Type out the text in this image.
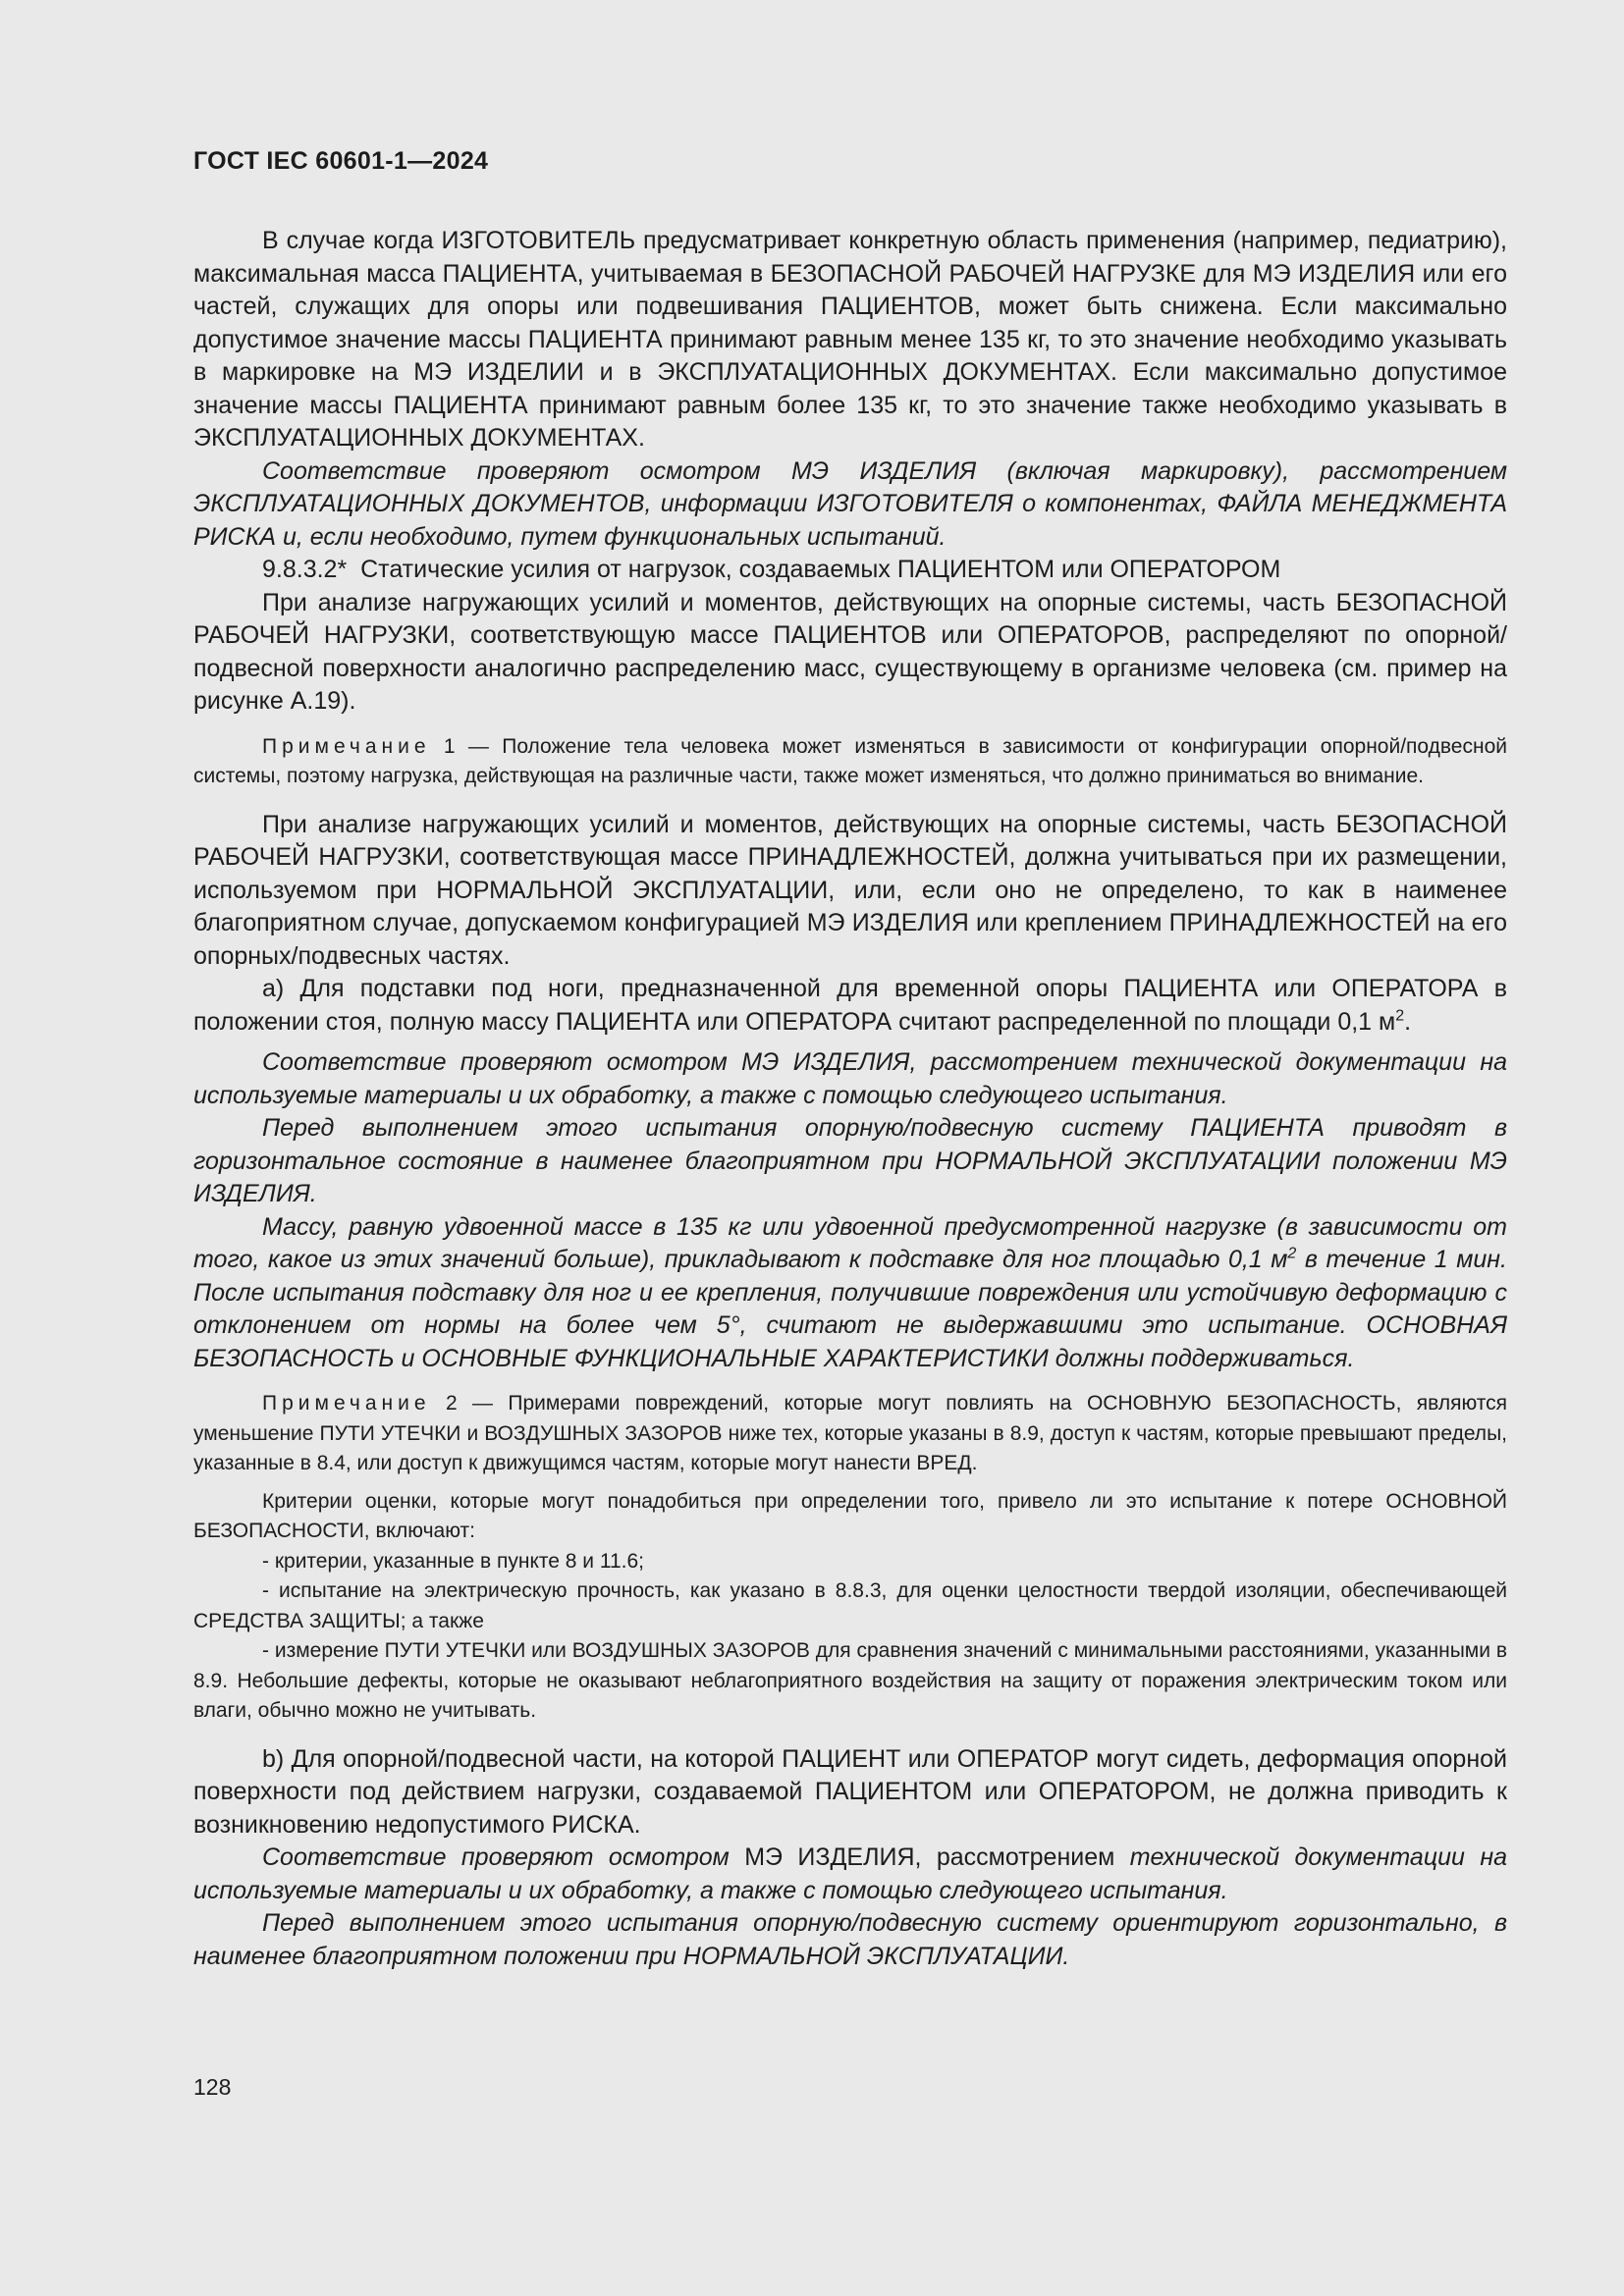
ГОСТ IEC 60601-1—2024

В случае когда ИЗГОТОВИТЕЛЬ предусматривает конкретную область применения (например, педиатрию), максимальная масса ПАЦИЕНТА, учитываемая в БЕЗОПАСНОЙ РАБОЧЕЙ НАГРУЗКЕ для МЭ ИЗДЕЛИЯ или его частей, служащих для опоры или подвешивания ПАЦИЕНТОВ, может быть снижена. Если максимально допустимое значение массы ПАЦИЕНТА принимают равным менее 135 кг, то это значение необходимо указывать в маркировке на МЭ ИЗДЕЛИИ и в ЭКСПЛУАТАЦИОННЫХ ДОКУМЕНТАХ. Если максимально допустимое значение массы ПАЦИЕНТА принимают равным более 135 кг, то это значение также необходимо указывать в ЭКСПЛУАТАЦИОННЫХ ДОКУМЕНТАХ.

Соответствие проверяют осмотром МЭ ИЗДЕЛИЯ (включая маркировку), рассмотрением ЭКСПЛУАТАЦИОННЫХ ДОКУМЕНТОВ, информации ИЗГОТОВИТЕЛЯ о компонентах, ФАЙЛА МЕНЕДЖМЕНТА РИСКА и, если необходимо, путем функциональных испытаний.

9.8.3.2* Статические усилия от нагрузок, создаваемых ПАЦИЕНТОМ или ОПЕРАТОРОМ

При анализе нагружающих усилий и моментов, действующих на опорные системы, часть БЕЗОПАСНОЙ РАБОЧЕЙ НАГРУЗКИ, соответствующую массе ПАЦИЕНТОВ или ОПЕРАТОРОВ, распределяют по опорной/подвесной поверхности аналогично распределению масс, существующему в организме человека (см. пример на рисунке А.19).

Примечание 1 — Положение тела человека может изменяться в зависимости от конфигурации опорной/подвесной системы, поэтому нагрузка, действующая на различные части, также может изменяться, что должно приниматься во внимание.

При анализе нагружающих усилий и моментов, действующих на опорные системы, часть БЕЗОПАСНОЙ РАБОЧЕЙ НАГРУЗКИ, соответствующая массе ПРИНАДЛЕЖНОСТЕЙ, должна учитываться при их размещении, используемом при НОРМАЛЬНОЙ ЭКСПЛУАТАЦИИ, или, если оно не определено, то как в наименее благоприятном случае, допускаемом конфигурацией МЭ ИЗДЕЛИЯ или креплением ПРИНАДЛЕЖНОСТЕЙ на его опорных/подвесных частях.

a) Для подставки под ноги, предназначенной для временной опоры ПАЦИЕНТА или ОПЕРАТОРА в положении стоя, полную массу ПАЦИЕНТА или ОПЕРАТОРА считают распределенной по площади 0,1 $м^2$.

Соответствие проверяют осмотром МЭ ИЗДЕЛИЯ, рассмотрением технической документации на используемые материалы и их обработку, а также с помощью следующего испытания.

Перед выполнением этого испытания опорную/подвесную систему ПАЦИЕНТА приводят в горизонтальное состояние в наименее благоприятном при НОРМАЛЬНОЙ ЭКСПЛУАТАЦИИ положении МЭ ИЗДЕЛИЯ.

Массу, равную удвоенной массе в 135 кг или удвоенной предусмотренной нагрузке (в зависимости от того, какое из этих значений больше), прикладывают к подставке для ног площадью 0,1 $м^2$ в течение 1 мин. После испытания подставку для ног и ее крепления, получившие повреждения или устойчивую деформацию с отклонением от нормы на более чем 5°, считают не выдержавшими это испытание. ОСНОВНАЯ БЕЗОПАСНОСТЬ и ОСНОВНЫЕ ФУНКЦИОНАЛЬНЫЕ ХАРАКТЕРИСТИКИ должны поддерживаться.

Примечание 2 — Примерами повреждений, которые могут повлиять на ОСНОВНУЮ БЕЗОПАСНОСТЬ, являются уменьшение ПУТИ УТЕЧКИ и ВОЗДУШНЫХ ЗАЗОРОВ ниже тех, которые указаны в 8.9, доступ к частям, которые превышают пределы, указанные в 8.4, или доступ к движущимся частям, которые могут нанести ВРЕД.

Критерии оценки, которые могут понадобиться при определении того, привело ли это испытание к потере ОСНОВНОЙ БЕЗОПАСНОСТИ, включают:

- критерии, указанные в пункте 8 и 11.6;

- испытание на электрическую прочность, как указано в 8.8.3, для оценки целостности твердой изоляции, обеспечивающей СРЕДСТВА ЗАЩИТЫ; а также

- измерение ПУТИ УТЕЧКИ или ВОЗДУШНЫХ ЗАЗОРОВ для сравнения значений с минимальными расстояниями, указанными в 8.9. Небольшие дефекты, которые не оказывают неблагоприятного воздействия на защиту от поражения электрическим током или влаги, обычно можно не учитывать.

b) Для опорной/подвесной части, на которой ПАЦИЕНТ или ОПЕРАТОР могут сидеть, деформация опорной поверхности под действием нагрузки, создаваемой ПАЦИЕНТОМ или ОПЕРАТОРОМ, не должна приводить к возникновению недопустимого РИСКА.

Соответствие проверяют осмотром МЭ ИЗДЕЛИЯ, рассмотрением технической документации на используемые материалы и их обработку, а также с помощью следующего испытания.

Перед выполнением этого испытания опорную/подвесную систему ориентируют горизонтально, в наименее благоприятном положении при НОРМАЛЬНОЙ ЭКСПЛУАТАЦИИ.

128
